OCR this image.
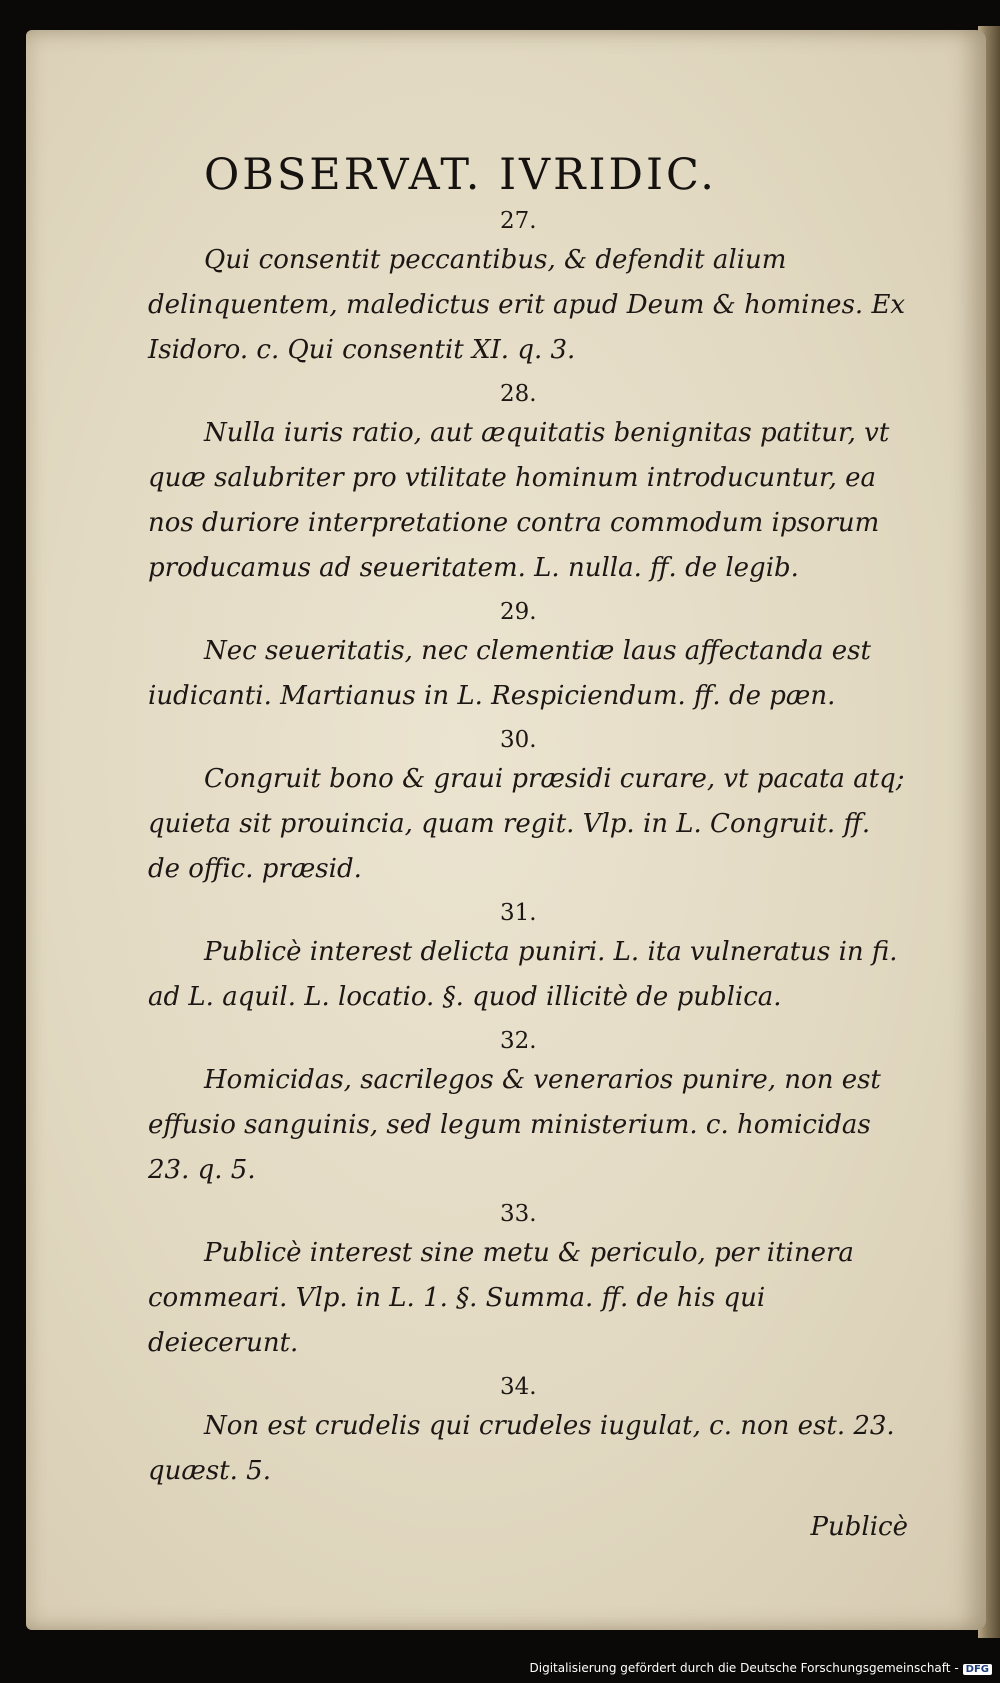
OBSERVAT. IVRIDIC.
27.

Qui consentit peccantibus, & defendit alium delinquentem, maledictus erit apud Deum & homines. Ex Isidoro. c. Qui consentit XI. q. 3.

28.

Nulla iuris ratio, aut æquitatis benignitas patitur, vt quæ salubriter pro vtilitate hominum introducuntur, ea nos duriore interpretatione contra commodum ipsorum producamus ad seueritatem. L. nulla. ff. de legib.

29.

Nec seueritatis, nec clementiæ laus affectanda est iudicanti. Martianus in L. Respiciendum. ff. de pæn.

30.

Congruit bono & graui præsidi curare, vt pacata atq; quieta sit prouincia, quam regit. Vlp. in L. Congruit. ff. de offic. præsid.

31.

Publicè interest delicta puniri. L. ita vulneratus in fi. ad L. aquil. L. locatio. §. quod illicitè de publica.

32.

Homicidas, sacrilegos & venerarios punire, non est effusio sanguinis, sed legum ministerium. c. homicidas 23. q. 5.

33.

Publicè interest sine metu & periculo, per itinera commeari. Vlp. in L. 1. §. Summa. ff. de his qui deiecerunt.

34.

Non est crudelis qui crudeles iugulat, c. non est. 23. quæst. 5.

Publicè
Digitalisierung gefördert durch die Deutsche Forschungsgemeinschaft - DFG
